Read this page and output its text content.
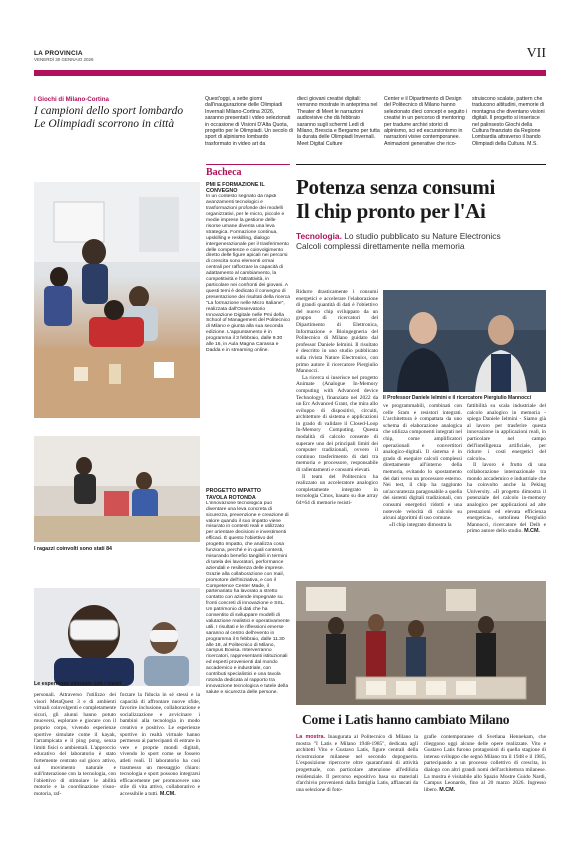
LA PROVINCIA
VENERDÌ 30 GENNAIO 2026	VII
I Giochi di Milano-Cortina
I campioni dello sport lombardo
Le Olimpiadi scorrono in città
Quest'oggi, a sette giorni dall'inaugurazione delle Olimpiadi Invernali Milano-Cortina 2026, saranno presentati i video selezionati in occasione di Visioni D'Alta Quota, progetto per le Olimpiadi. Un secolo di sport di alpinismo lombardo trasformato in video art da
dieci giovani creativi digitali: verranno mostrate in anteprima nel Theater di Meet le narrazioni audiovisive che dà febbraio saranno sugli schermi Ledi di Milano, Brescia e Bergamo per tutta la durata delle Olimpiadi Invernali. Meet Digital Culture
Center e il Dipartimento di Design del Politecnico di Milano hanno selezionato dieci concept e seguito i creativi in un percorso di mentoring per tradurre archivi storici di alpinismo, sci ed escursionismo in narrazioni visive contemporanee. Animazioni generative che rico-
struiscono scalate, pattern che traducono altitudini, memorie di montagna che diventano visioni digitali. Il progetto si inserisce nel palinsesto Giochi della Cultura finanziato da Regione Lombardia attraverso il bando Olimpiadi della Cultura. M.S.
I ragazzi coinvolti sono stati 84
Le esperienze simulate con i visori
personali. Attraverso l'utilizzo dei visori MetaQuest 3 e di ambienti virtuali coinvolgenti e completamente sicuri, gli alunni hanno potuto muoversi, esplorare e giocare con il proprio corpo, vivendo esperienze sportive simulate come il kayak, l'arrampicata e il ping pong, senza limiti fisici o ambientali. L'approccio educativo del laboratorio è stato fortemente centrato sul gioco attivo, sul movimento naturale e sull'interazione con la tecnologia, con l'obiettivo di stimolare le abilità motorie e la coordinazione visuo-motoria, raf-
forzare la fiducia in sé stessi e la capacità di affrontare nuove sfide, favorire inclusione, collaborazione e socializzazione e avvicinare i bambini alla tecnologia in modo creativo e positivo. Le esperienze sportive in realtà virtuale hanno permesso ai partecipanti di entrare in vere e proprie mondi digitali, vivendo lo sport come se fossero atleti reali. Il laboratorio ha così trasmesso un messaggio chiaro: tecnologia e sport possono integrarsi efficacemente per promuovere uno stile di vita attivo, collaborativo e accessibile a tutti. M.CM.
Bacheca
PMI E FORMAZIONE IL CONVEGNO
In un contesto segnato da rapidi avanzamenti tecnologici e trasformazioni profonde dei modelli organizzativi, per le micro, piccole e medie imprese la gestione delle risorse umane diventa una leva strategica. Formazione continua, upskilling e reskilling, dialogo intergenerazionale per il trasferimento delle competenze e coinvolgimento diretto delle figure apicali nei percorsi di crescita sono elementi ormai centrali per rafforzare la capacità di adattamento al cambiamento, la competitività e l'attrattività, in particolare nei confronti dei giovani. A questi temi è dedicato il convegno di presentazione dei risultati della ricerca "La formazione nelle Micro Italiane", realizzata dall'Osservatorio Innovazione Digitale nelle Pmi della School of Management del Politecnico di Milano e giunta alla sua seconda edizione. L'appuntamento è in programma il 3 febbraio, dalle 9.30 alle 16, in Aula Magna Carassa e Dadda e in streaming online.
PROGETTO IMPATTO TAVOLA ROTONDA
L'innovazione tecnologica può diventare una leva concreta di sicurezza, prevenzione e creazione di valore quando il suo impatto viene misurato in contesti reali e utilizzato per orientare decisioni e investimenti efficaci. È questo l'obiettivo del progetto Impatto, che analizza cosa funziona, perché e in quali contesti, misurando benefici tangibili in termini di tutela dei lavoratori, performance aziendali e resilienza delle imprese. Grazie alla collaborazione con Inail, promotore dell'iniziativa, e con il Competence Center Made, il partenariato ha lavorato a stretto contatto con aziende impegnate su fronti concreti di innovazione e SSL. Un patrimonio di dati che ha consentito di sviluppare modelli di valutazione realistici e operativamente utili. I risultati e le riflessioni emerse saranno al centro dell'evento in programma il 6 febbraio, dalle 11.30 alle 18, al Politecnico di Milano, campus Bovisa. Interverranno ricercatori, rappresentanti istituzionali ed esperti provenienti dal mondo accademico e industriale, con contributi specialistici e una tavola rotonda dedicata al rapporto tra innovazione tecnologica e tutele della salute e sicurezza delle persone.
Potenza senza consumi
Il chip pronto per l'Ai
Tecnologia. Lo studio pubblicato su Nature Electronics
Calcoli complessi direttamente nella memoria

Ridurre drasticamente i consumi energetici e accelerare l'elaborazione di grandi quantità di dati è l'obiettivo del nuovo chip sviluppato da un gruppo di ricercatori del Dipartimento di Elettronica, Informazione e Bioingegneria del Politecnico di Milano guidato dal professor Daniele Ielmini. Il risultato è descritto in uno studio pubblicato sulla rivista Nature Electronics, con primo autore il ricercatore Piergiulio Mannocci.

La ricerca si inserisce nel progetto Animate (Analogue In-Memory computing with Advanced device Technology), finanziato nel 2022 da un Erc Advanced Grant, che mira allo sviluppo di dispositivi, circuiti, architetture di sistema e applicazioni in grado di validare il Closed-Loop In-Memory Computing. Questa modalità di calcolo consente di superare uno dei principali limiti dei computer tradizionali, ovvero il continuo trasferimento di dati tra memoria e processore, responsabile di rallentamenti e consumi elevati.

Il team del Politecnico ha realizzato un acceleratore analogico completamente integrato in tecnologia Cmos, basato su due array 64×64 di memorie resisti-

Il Professor Daniele Ielmini e il ricercatore Piergiulio Mannocci

ve programmabili, combinati con celle Sram e resistori integrati. L'architettura è compattata da uno schema di elaborazione analogica che utilizza componenti integrati nel chip, come amplificatori operazionali e convertitori analogico-digitali. Il sistema è in grado di eseguire calcoli complessi direttamente all'interno della memoria, evitando lo spostamento dei dati verso un processore esterno. Nei test, il chip ha raggiunto un'accuratezza paragonabile a quella dei sistemi digitali tradizionali, con consumi energetici ridotti e una notevole velocità di calcolo su alcuni algoritmi di uso comune.

«Il chip integrato dimostra la

fattibilità su scala industriale del calcolo analogico in memoria - spiega Daniele Ielmini - Siamo già al lavoro per trasferire questa innovazione in applicazioni reali, in particolare nel campo dell'intelligenza artificiale, per ridurre i costi energetici del calcolo».

Il lavoro è frutto di una collaborazione internazionale tra mondo accademico e industriale che ha coinvolto anche la Peking University. «Il progetto dimostra il potenziale del calcolo in-memory analogico per applicazioni ad alte prestazioni ed elevata efficienza energetica», sottolinea Piergiulio Mannocci, ricercatore del Deib e primo autore dello studio. M.CM.

Come i Latis hanno cambiato Milano
La mostra. Inaugurata al Politecnico di Milano la mostra "I Latis e Milano 1948-1985", dedicata agli architetti Vito e Gustavo Latis, figure centrali della ricostruzione milanese nel secondo dopoguerra. L'esposizione ripercorre oltre quarant'anni di attività progettuale, con particolare attenzione all'edilizia residenziale. Il percorso espositivo basa su materiali d'archivio provenienti dalla famiglia Latis, affiancati da una selezione di foto-
grafie contemporanee di Svetlana Hennekam, che rileggono oggi alcune delle opere realizzate. Vito e Gustavo Latis furono protagonisti di quella stagione di intenso sviluppo che segnò Milano tra il 1948 e il 1985, partecipando a un processo collettivo di crescita, in dialogo con altri grandi nomi dell'architettura milanese. La mostra è visitabile allo Spazio Mostre Guido Nardi, Campus Leonardo, fino al 20 marzo 2026. Ingresso libero. M.CM.
